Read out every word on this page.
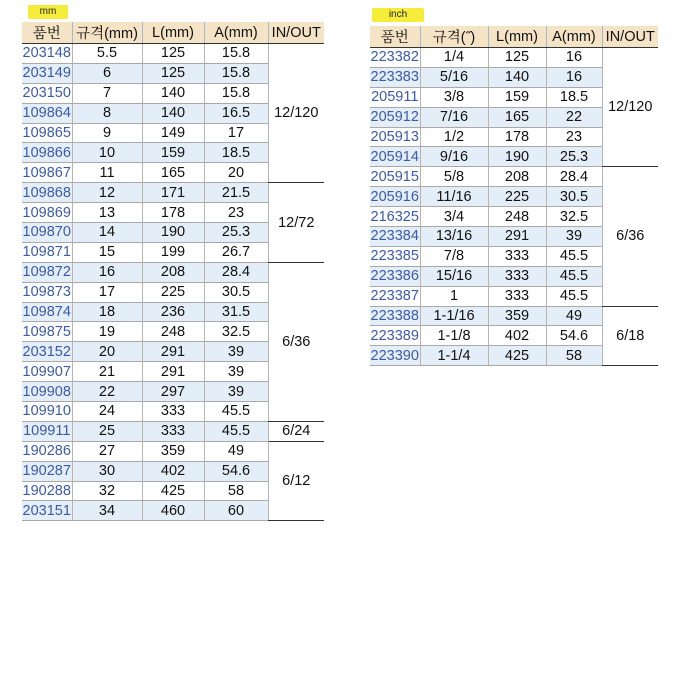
mm
품번	규격(mm)	L(mm)	A(mm)	IN/OUT
203148	5.5	125	15.8	12/120
203149	6	125	15.8	
203150	7	140	15.8	
109864	8	140	16.5	
109865	9	149	17	
109866	10	159	18.5	
109867	11	165	20	
109868	12	171	21.5	12/72
109869	13	178	23	
109870	14	190	25.3	
109871	15	199	26.7	
109872	16	208	28.4	6/36
109873	17	225	30.5	
109874	18	236	31.5	
109875	19	248	32.5	
203152	20	291	39	
109907	21	291	39	
109908	22	297	39	
109910	24	333	45.5	
109911	25	333	45.5	6/24
190286	27	359	49	6/12
190287	30	402	54.6	
190288	32	425	58	
203151	34	460	60	
inch
품번	규격(˝)	L(mm)	A(mm)	IN/OUT
223382	1/4	125	16	12/120
223383	5/16	140	16	
205911	3/8	159	18.5	
205912	7/16	165	22	
205913	1/2	178	23	
205914	9/16	190	25.3	
205915	5/8	208	28.4	6/36
205916	11/16	225	30.5	
216325	3/4	248	32.5	
223384	13/16	291	39	
223385	7/8	333	45.5	
223386	15/16	333	45.5	
223387	1	333	45.5	
223388	1-1/16	359	49	6/18
223389	1-1/8	402	54.6	
223390	1-1/4	425	58	
